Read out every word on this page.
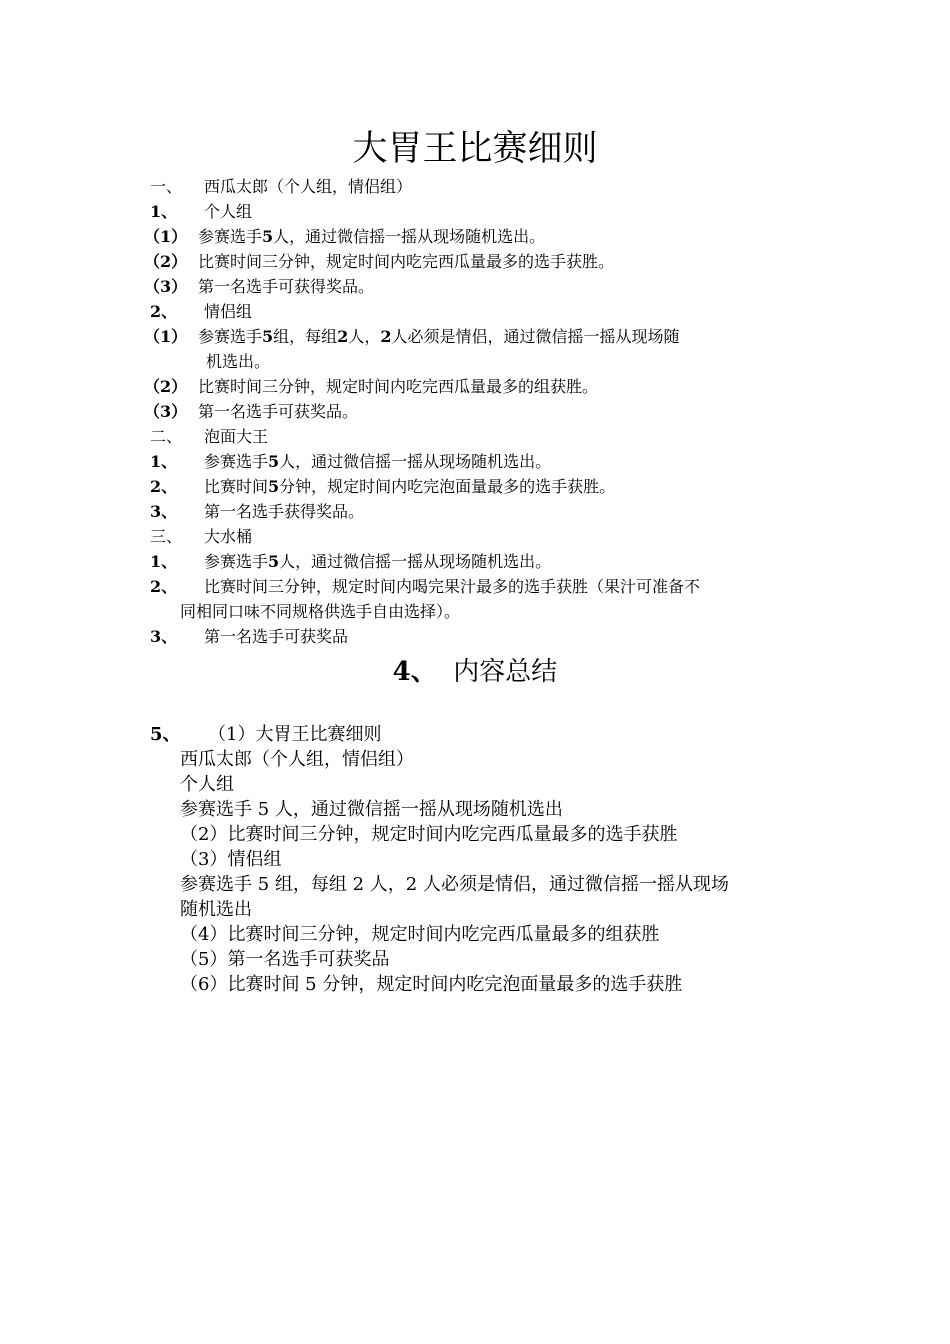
大胃王比赛细则
一、 西瓜太郎（个人组，情侣组）
1、 个人组
（1） 参赛选手5人，通过微信摇一摇从现场随机选出。
（2） 比赛时间三分钟，规定时间内吃完西瓜量最多的选手获胜。
（3） 第一名选手可获得奖品。
2、 情侣组
（1） 参赛选手5组，每组2人，2人必须是情侣，通过微信摇一摇从现场随
机选出。
（2） 比赛时间三分钟，规定时间内吃完西瓜量最多的组获胜。
（3） 第一名选手可获奖品。
二、 泡面大王
1、 参赛选手5人，通过微信摇一摇从现场随机选出。
2、 比赛时间5分钟，规定时间内吃完泡面量最多的选手获胜。
3、 第一名选手获得奖品。
三、 大水桶
1、 参赛选手5人，通过微信摇一摇从现场随机选出。
2、 比赛时间三分钟，规定时间内喝完果汁最多的选手获胜（果汁可准备不
同相同口味不同规格供选手自由选择）。
3、 第一名选手可获奖品
4、 内容总结
5、 （1）大胃王比赛细则
西瓜太郎（个人组，情侣组）
个人组
参赛选手 5 人，通过微信摇一摇从现场随机选出
（2）比赛时间三分钟，规定时间内吃完西瓜量最多的选手获胜
（3）情侣组
参赛选手 5 组，每组 2 人，2 人必须是情侣，通过微信摇一摇从现场
随机选出
（4）比赛时间三分钟，规定时间内吃完西瓜量最多的组获胜
（5）第一名选手可获奖品
（6）比赛时间 5 分钟，规定时间内吃完泡面量最多的选手获胜
